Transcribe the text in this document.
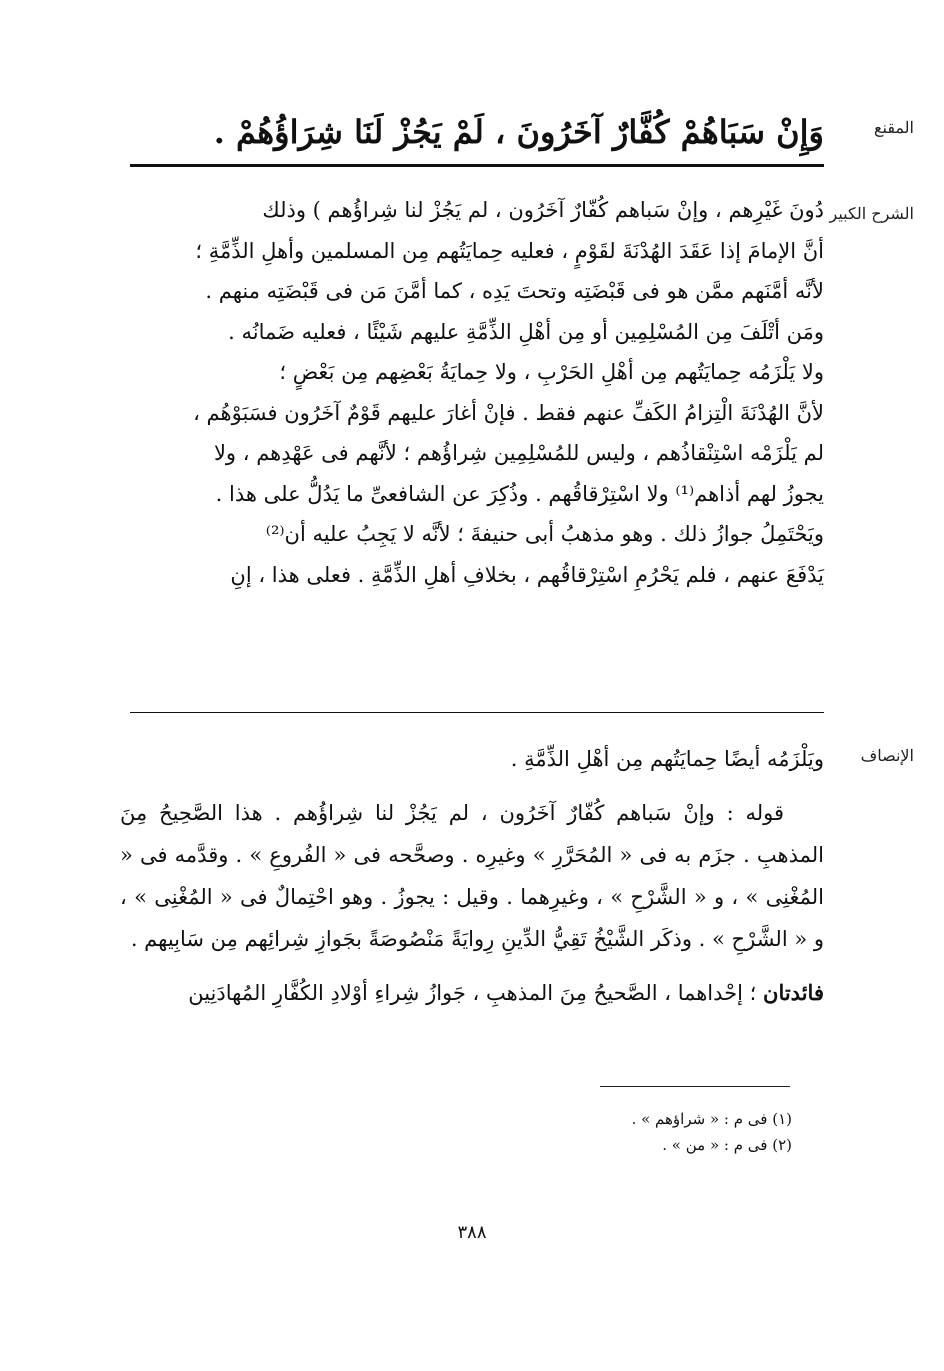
المقنع
وَإِنْ سَبَاهُمْ كُفَّارٌ آخَرُونَ ، لَمْ يَجُزْ لَنَا شِرَاؤُهُمْ .
الشرح الكبير

دُونَ غَيْرِهم ، وإنْ سَباهم كُفّارٌ آخَرُون ، لم يَجُزْ لنا شِراؤُهم ) وذلك

أنَّ الإمامَ إذا عَقَدَ الهُدْنَةَ لقَوْمٍ ، فعليه حِمايَتُهم مِن المسلمين وأهلِ الذِّمَّةِ ؛

لأنَّه أمَّنَهم ممَّن هو فى قَبْضَتِه وتحتَ يَدِه ، كما أمَّنَ مَن فى قَبْضَتِه منهم .

ومَن أتْلَفَ مِن المُسْلِمِين أو مِن أهْلِ الذِّمَّةِ عليهم شَيْئًا ، فعليه ضَمانُه .

ولا يَلْزَمُه حِمايَتُهم مِن أهْلِ الحَرْبِ ، ولا حِمايَةُ بَعْضِهم مِن بَعْضٍ ؛

لأنَّ الهُدْنَةَ الْتِزامُ الكَفِّ عنهم فقط . فإنْ أغارَ عليهم قَوْمٌ آخَرُون فسَبَوْهُم ،

لم يَلْزَمْه اسْتِنْقاذُهم ، وليس للمُسْلِمِين شِراؤُهم ؛ لأنَّهم فى عَهْدِهم ، ولا

يجوزُ لهم أذاهم⁽¹⁾ ولا اسْتِرْقاقُهم . وذُكِرَ عن الشافعىِّ ما يَدُلُّ على هذا .

ويَحْتَمِلُ جوازُ ذلك . وهو مذهبُ أبى حنيفةَ ؛ لأنَّه لا يَجِبُ عليه أن⁽²⁾

يَدْفَعَ عنهم ، فلم يَحْرُمِ اسْتِرْقاقُهم ، بخلافِ أهلِ الذِّمَّةِ . فعلى هذا ، إنِ

الإنصاف

ويَلْزَمُه أيضًا حِمايَتُهم مِن أهْلِ الذِّمَّةِ .

قوله : وإنْ سَباهم كُفّارٌ آخَرُون ، لم يَجُزْ لنا شِراؤُهم . هذا الصَّحِيحُ مِنَ المذهبِ . جزَم به فى « المُحَرَّرِ » وغيرِه . وصحَّحه فى « الفُروعِ » . وقدَّمه فى « المُغْنِى » ، و « الشَّرْحِ » ، وغيرِهما . وقيل : يجوزُ . وهو احْتِمالٌ فى « المُغْنِى » ، و « الشَّرْحِ » . وذكَر الشَّيْخُ تَقِيُّ الدِّينِ رِوايَةً مَنْصُوصَةً بجَوازِ شِرائِهم مِن سَابِيهم .

فائدتان ؛ إحْداهما ، الصَّحيحُ مِنَ المذهبِ ، جَوازُ شِراءِ أوْلادِ الكُفَّارِ المُهادَنِين

(١) فى م : « شراؤهم » .

(٢) فى م : « من » .

٣٨٨
